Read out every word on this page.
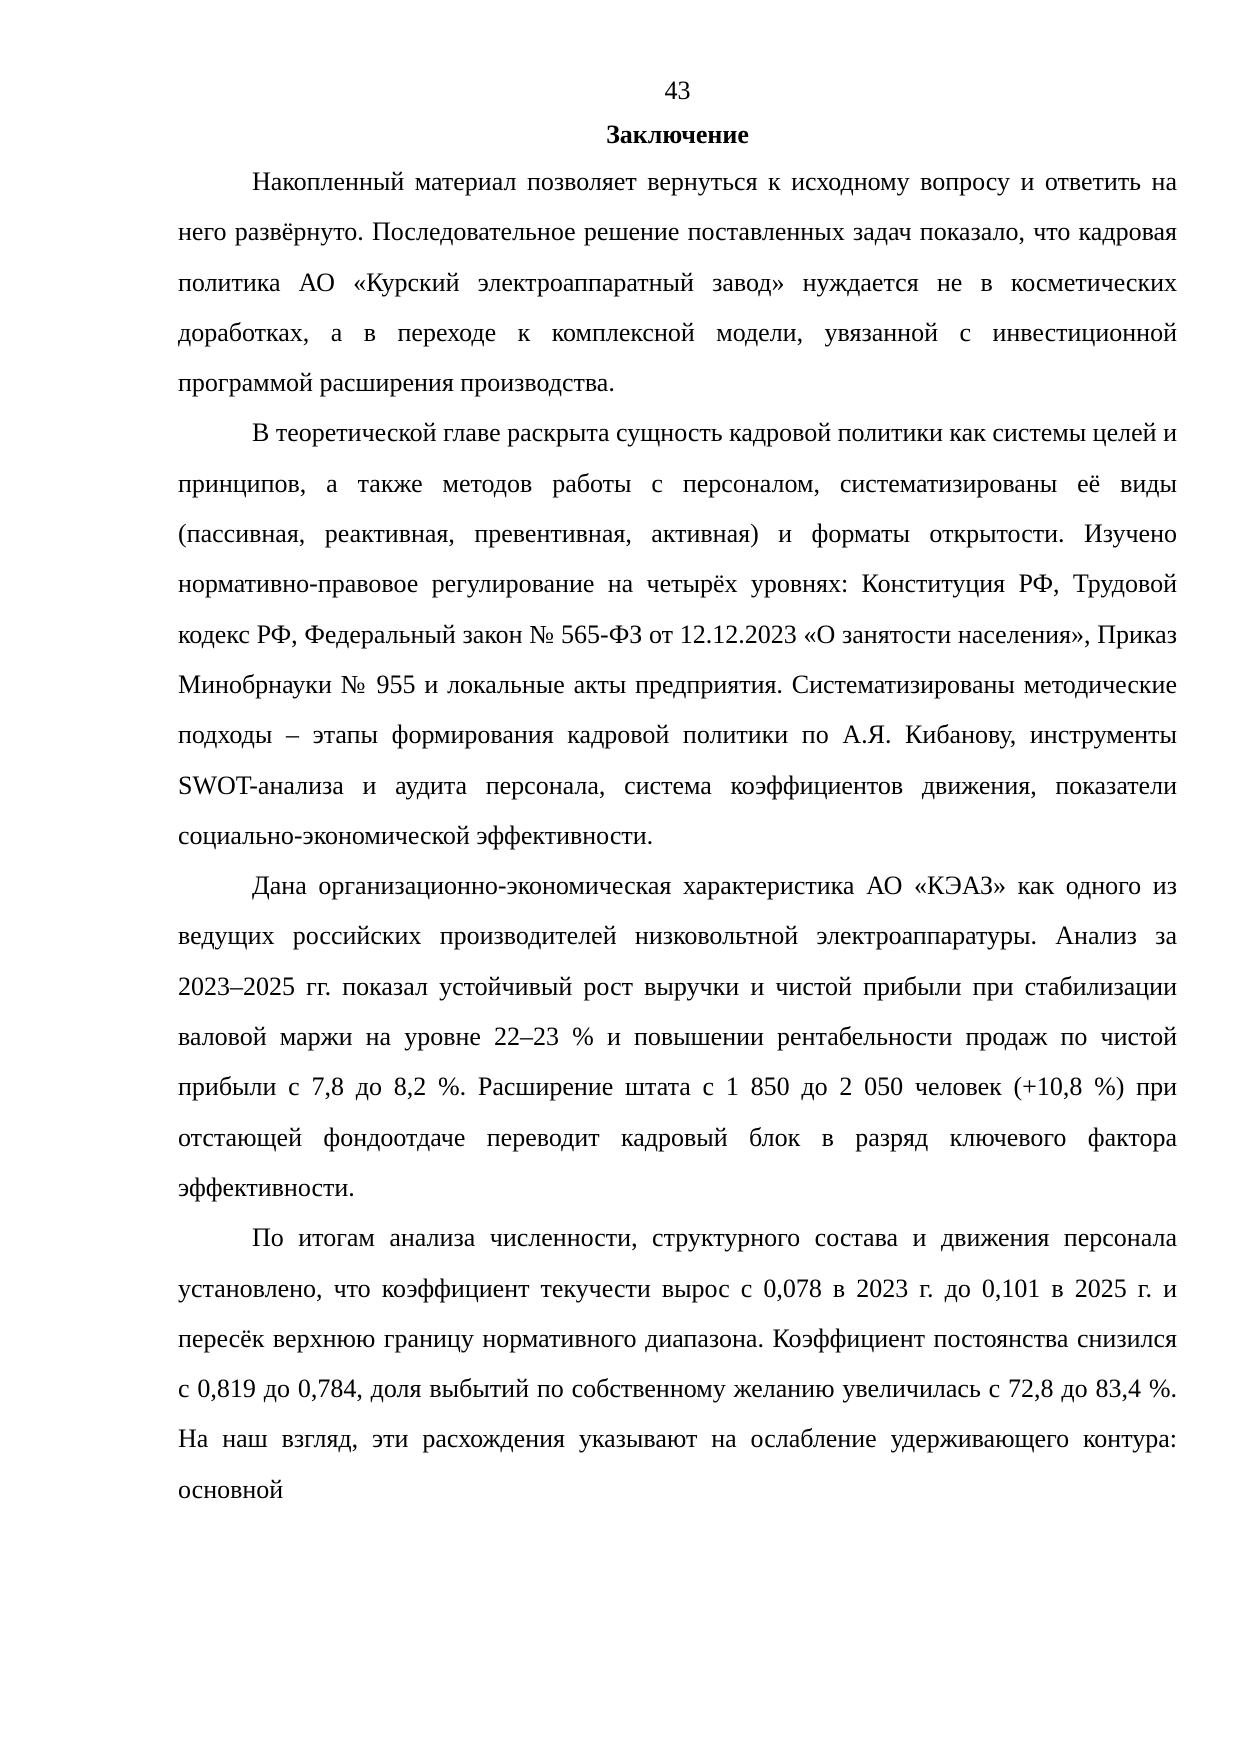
43
Заключение

Накопленный материал позволяет вернуться к исходному вопросу и ответить на него развёрнуто. Последовательное решение поставленных задач показало, что кадровая политика АО «Курский электроаппаратный завод» нуждается не в косметических доработках, а в переходе к комплексной модели, увязанной с инвестиционной программой расширения производства.

В теоретической главе раскрыта сущность кадровой политики как системы целей и принципов, а также методов работы с персоналом, систематизированы её виды (пассивная, реактивная, превентивная, активная) и форматы открытости. Изучено нормативно-правовое регулирование на четырёх уровнях: Конституция РФ, Трудовой кодекс РФ, Федеральный закон № 565-ФЗ от 12.12.2023 «О занятости населения», Приказ Минобрнауки № 955 и локальные акты предприятия. Систематизированы методические подходы – этапы формирования кадровой политики по А.Я. Кибанову, инструменты SWOT-анализа и аудита персонала, система коэффициентов движения, показатели социально-экономической эффективности.

Дана организационно-экономическая характеристика АО «КЭАЗ» как одного из ведущих российских производителей низковольтной электроаппаратуры. Анализ за 2023–2025 гг. показал устойчивый рост выручки и чистой прибыли при стабилизации валовой маржи на уровне 22–23 % и повышении рентабельности продаж по чистой прибыли с 7,8 до 8,2 %. Расширение штата с 1 850 до 2 050 человек (+10,8 %) при отстающей фондоотдаче переводит кадровый блок в разряд ключевого фактора эффективности.

По итогам анализа численности, структурного состава и движения персонала установлено, что коэффициент текучести вырос с 0,078 в 2023 г. до 0,101 в 2025 г. и пересёк верхнюю границу нормативного диапазона. Коэффициент постоянства снизился с 0,819 до 0,784, доля выбытий по собственному желанию увеличилась с 72,8 до 83,4 %. На наш взгляд, эти расхождения указывают на ослабление удерживающего контура: основной
